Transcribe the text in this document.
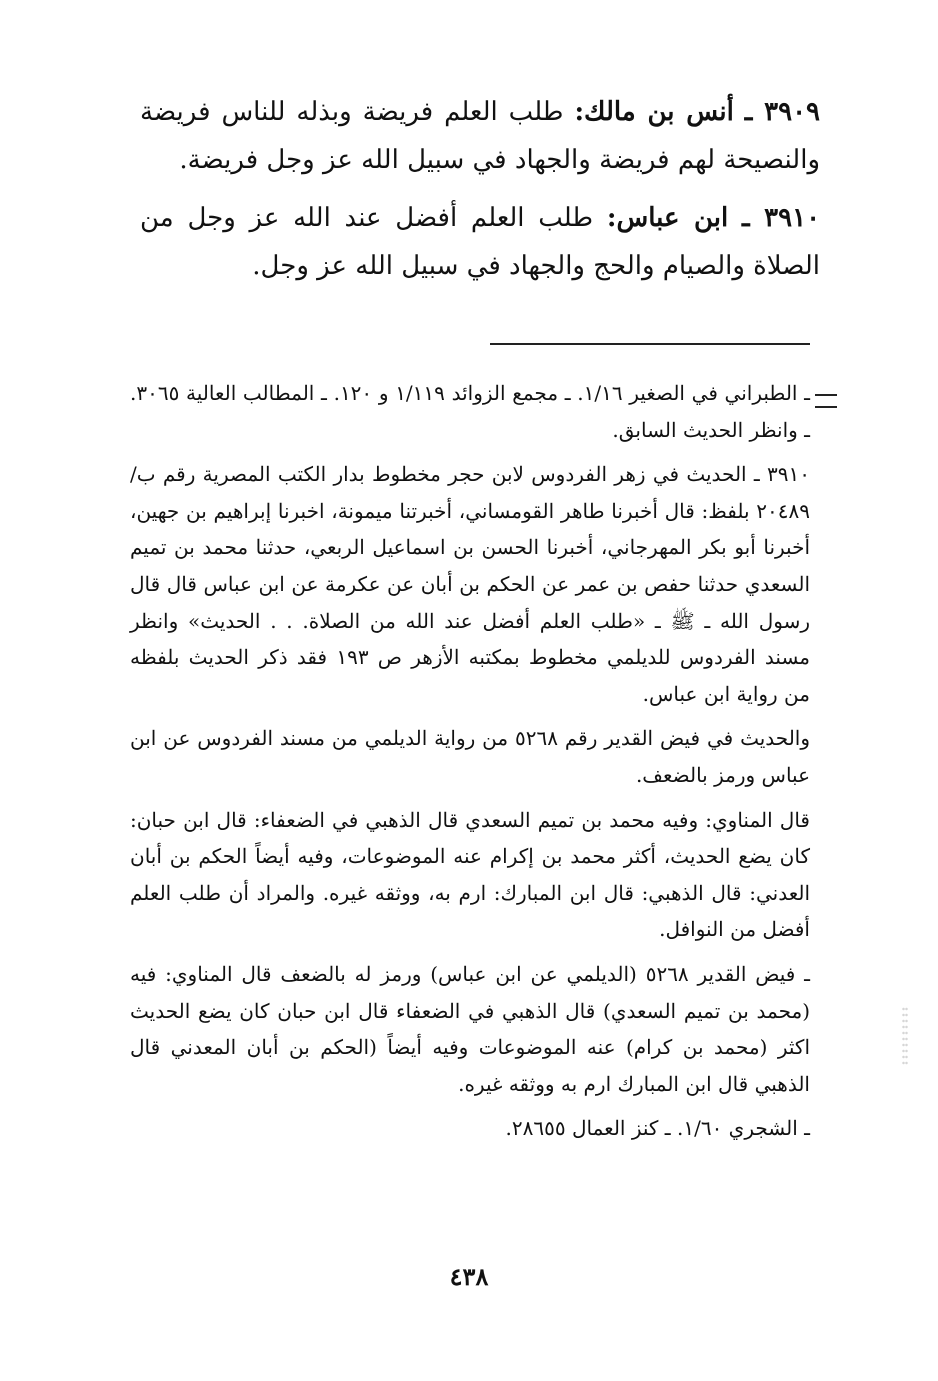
٣٩٠٩ ـ أنس بن مالك: طلب العلم فريضة وبذله للناس فريضة والنصيحة لهم فريضة والجهاد في سبيل الله عز وجل فريضة.

٣٩١٠ ـ ابن عباس: طلب العلم أفضل عند الله عز وجل من الصلاة والصيام والحج والجهاد في سبيل الله عز وجل.

ـ الطبراني في الصغير ١/١٦. ـ مجمع الزوائد ١/١١٩ و ١٢٠. ـ المطالب العالية ٣٠٦٥. ـ وانظر الحديث السابق.

٣٩١٠ ـ الحديث في زهر الفردوس لابن حجر مخطوط بدار الكتب المصرية رقم ب/٢٠٤٨٩ بلفظ: قال أخبرنا طاهر القومساني، أخبرتنا ميمونة، اخبرنا إبراهيم بن جهين، أخبرنا أبو بكر المهرجاني، أخبرنا الحسن بن اسماعيل الربعي، حدثنا محمد بن تميم السعدي حدثنا حفص بن عمر عن الحكم بن أبان عن عكرمة عن ابن عباس قال قال رسول الله ـ ﷺ ـ «طلب العلم أفضل عند الله من الصلاة. . . الحديث» وانظر مسند الفردوس للديلمي مخطوط بمكتبه الأزهر ص ١٩٣ فقد ذكر الحديث بلفظه من رواية ابن عباس.

والحديث في فيض القدير رقم ٥٢٦٨ من رواية الديلمي من مسند الفردوس عن ابن عباس ورمز بالضعف.

قال المناوي: وفيه محمد بن تميم السعدي قال الذهبي في الضعفاء: قال ابن حبان: كان يضع الحديث، أكثر محمد بن إكرام عنه الموضوعات، وفيه أيضاً الحكم بن أبان العدني: قال الذهبي: قال ابن المبارك: ارم به، ووثقه غيره. والمراد أن طلب العلم أفضل من النوافل.

ـ فيض القدير ٥٢٦٨ (الديلمي عن ابن عباس) ورمز له بالضعف قال المناوي: فيه (محمد بن تميم السعدي) قال الذهبي في الضعفاء قال ابن حبان كان يضع الحديث اكثر (محمد بن كرام) عنه الموضوعات وفيه أيضاً (الحكم بن أبان المعدني قال الذهبي قال ابن المبارك ارم به ووثقه غيره.

ـ الشجري ١/٦٠. ـ كنز العمال ٢٨٦٥٥.

٤٣٨
